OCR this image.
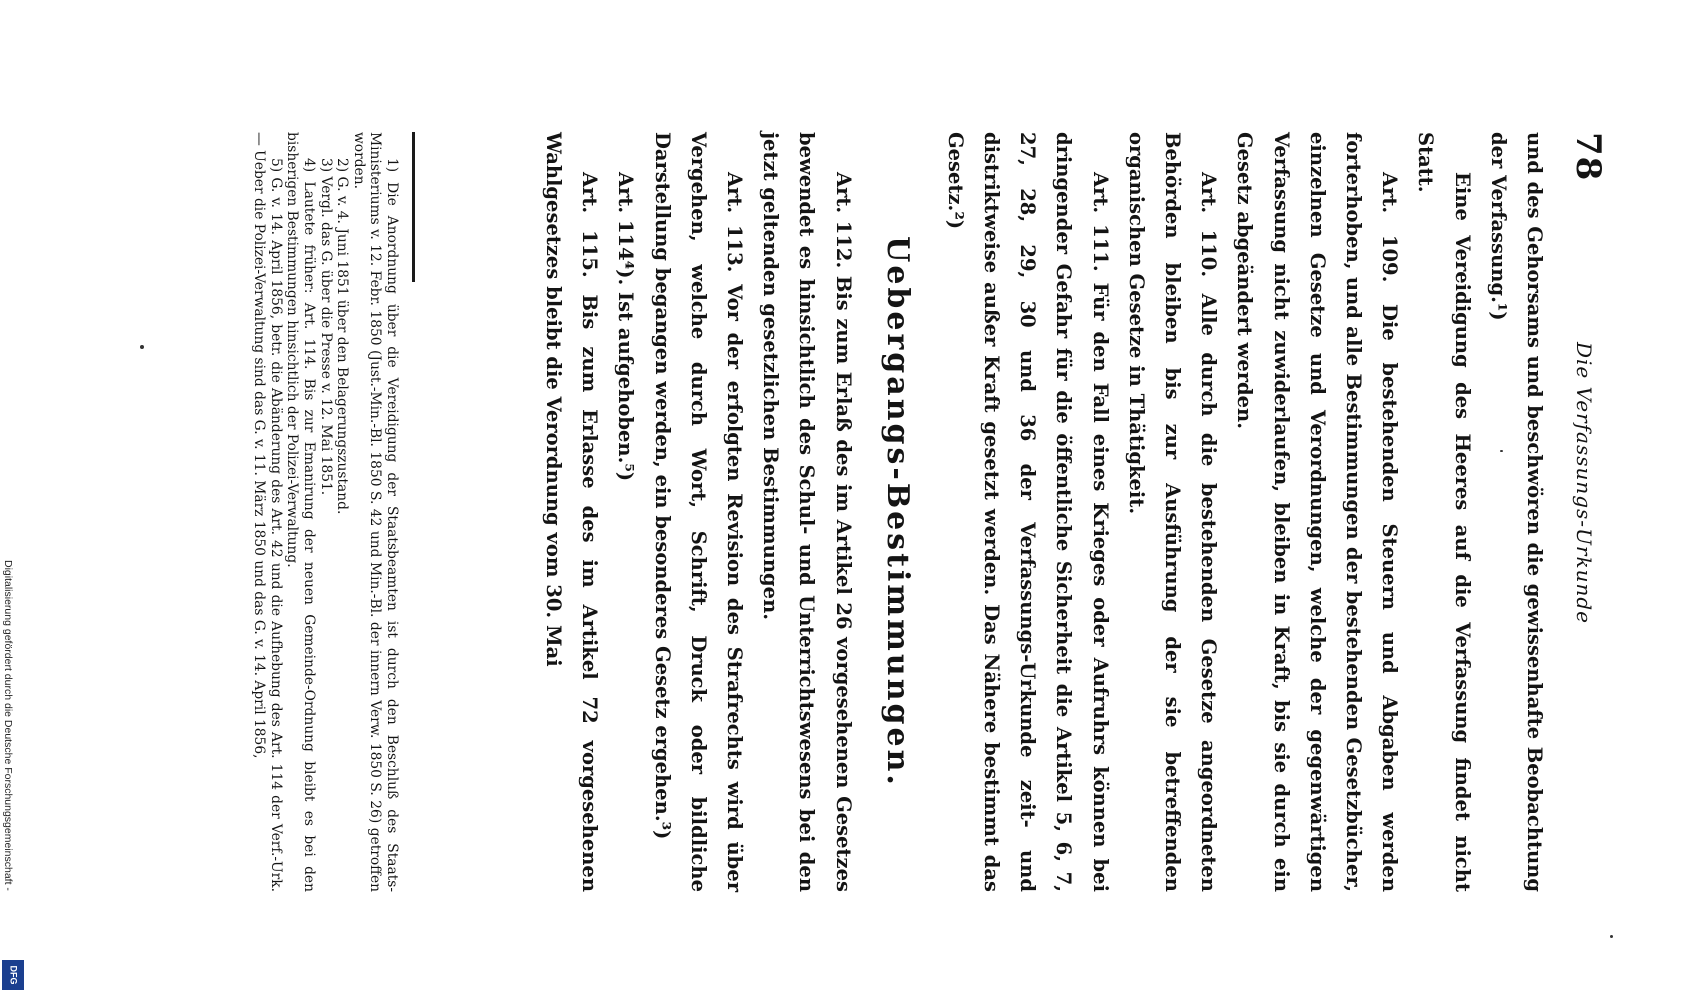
78
Die Verfassungs-Urkunde

und des Gehorsams und beschwören die gewissenhafte Beobachtung der Verfassung.¹)

Eine Vereidigung des Heeres auf die Verfassung findet nicht Statt.

Art. 109. Die bestehenden Steuern und Abgaben werden forterhoben, und alle Bestimmungen der bestehenden Gesetzbücher, einzelnen Gesetze und Verordnungen, welche der gegenwärtigen Verfassung nicht zuwiderlaufen, bleiben in Kraft, bis sie durch ein Gesetz abgeändert werden.

Art. 110. Alle durch die bestehenden Gesetze angeordneten Behörden bleiben bis zur Ausführung der sie betreffenden organischen Gesetze in Thätigkeit.

Art. 111. Für den Fall eines Krieges oder Aufruhrs können bei dringender Gefahr für die öffentliche Sicherheit die Artikel 5, 6, 7, 27, 28, 29, 30 und 36 der Verfassungs-Urkunde zeit- und distriktweise außer Kraft gesetzt werden. Das Nähere bestimmt das Gesetz.²)

Uebergangs-Bestimmungen.

Art. 112. Bis zum Erlaß des im Artikel 26 vorgesehenen Gesetzes bewendet es hinsichtlich des Schul- und Unterrichtswesens bei den jetzt geltenden gesetzlichen Bestimmungen.

Art. 113. Vor der erfolgten Revision des Strafrechts wird über Vergehen, welche durch Wort, Schrift, Druck oder bildliche Darstellung begangen werden, ein besonderes Gesetz ergehen.³)

Art. 114⁴). Ist aufgehoben.⁵)

Art. 115. Bis zum Erlasse des im Artikel 72 vorgesehenen Wahlgesetzes bleibt die Verordnung vom 30. Mai

1) Die Anordnung über die Vereidigung der Staatsbeamten ist durch den Beschluß des Staats-Ministeriums v. 12. Febr. 1850 (Just.-Min.-Bl. 1850 S. 42 und Min.-Bl. der innern Verw. 1850 S. 26) getroffen worden.

2) G. v. 4. Juni 1851 über den Belagerungszustand.

3) Vergl. das G. über die Presse v. 12. Mai 1851.

4) Lautete früher: Art. 114. Bis zur Emanirung der neuen Gemeinde-Ordnung bleibt es bei den bisherigen Bestimmungen hinsichtlich der Polizei-Verwaltung.

5) G. v. 14. April 1856, betr. die Abänderung des Art. 42 und die Aufhebung des Art. 114 der Verf.-Urk. — Ueber die Polizei-Verwaltung sind das G. v. 11. März 1850 und das G. v. 14. April 1856,

Digitalisierung gefördert durch die Deutsche Forschungsgemeinschaft -
DFG
